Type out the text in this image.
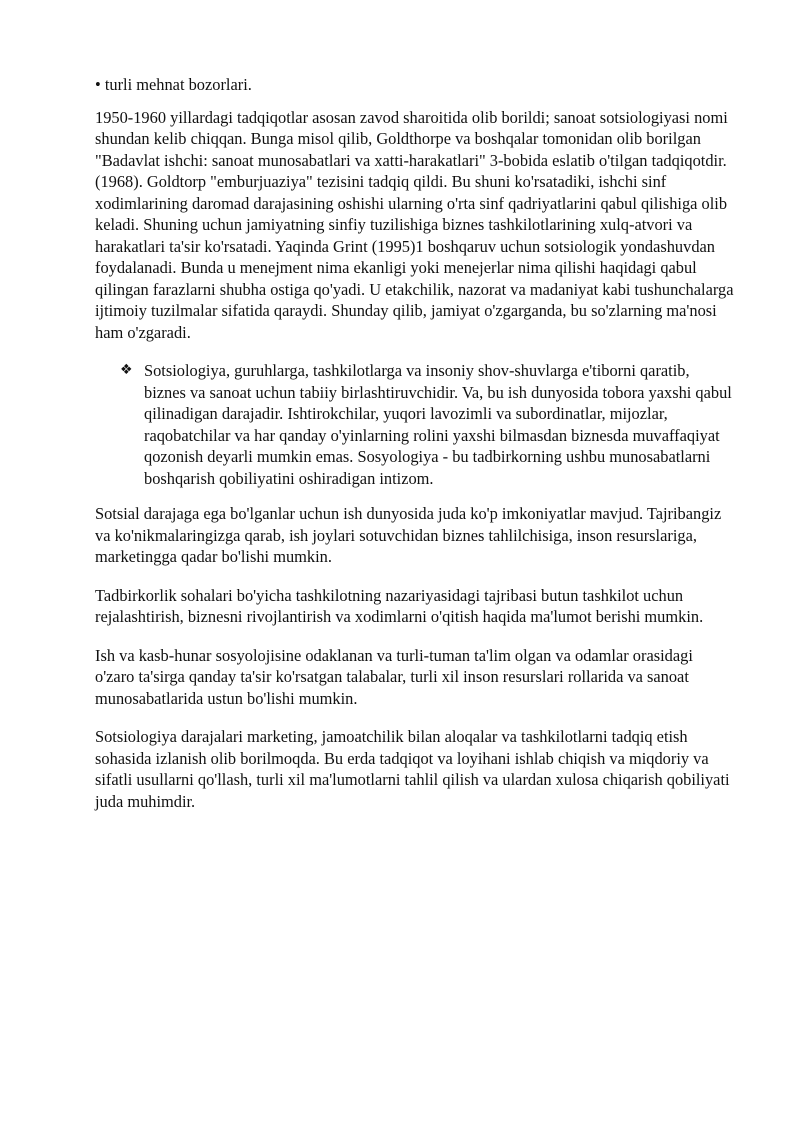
• turli mehnat bozorlari.

1950-1960 yillardagi tadqiqotlar asosan zavod sharoitida olib borildi; sanoat sotsiologiyasi nomi shundan kelib chiqqan. Bunga misol qilib, Goldthorpe va boshqalar tomonidan olib borilgan "Badavlat ishchi: sanoat munosabatlari va xatti-harakatlari" 3-bobida eslatib o'tilgan tadqiqotdir. (1968). Goldtorp "emburjuaziya" tezisini tadqiq qildi. Bu shuni ko'rsatadiki, ishchi sinf xodimlarining daromad darajasining oshishi ularning o'rta sinf qadriyatlarini qabul qilishiga olib keladi. Shuning uchun jamiyatning sinfiy tuzilishiga biznes tashkilotlarining xulq-atvori va harakatlari ta'sir ko'rsatadi. Yaqinda Grint (1995)1 boshqaruv uchun sotsiologik yondashuvdan foydalanadi. Bunda u menejment nima ekanligi yoki menejerlar nima qilishi haqidagi qabul qilingan farazlarni shubha ostiga qo'yadi. U etakchilik, nazorat va madaniyat kabi tushunchalarga ijtimoiy tuzilmalar sifatida qaraydi. Shunday qilib, jamiyat o'zgarganda, bu so'zlarning ma'nosi ham o'zgaradi.

❖ Sotsiologiya, guruhlarga, tashkilotlarga va insoniy shov-shuvlarga e'tiborni qaratib, biznes va sanoat uchun tabiiy birlashtiruvchidir. Va, bu ish dunyosida tobora yaxshi qabul qilinadigan darajadir. Ishtirokchilar, yuqori lavozimli va subordinatlar, mijozlar, raqobatchilar va har qanday o'yinlarning rolini yaxshi bilmasdan biznesda muvaffaqiyat qozonish deyarli mumkin emas. Sosyologiya - bu tadbirkorning ushbu munosabatlarni boshqarish qobiliyatini oshiradigan intizom.

Sotsial darajaga ega bo'lganlar uchun ish dunyosida juda ko'p imkoniyatlar mavjud. Tajribangiz va ko'nikmalaringizga qarab, ish joylari sotuvchidan biznes tahlilchisiga, inson resurslariga, marketingga qadar bo'lishi mumkin.

Tadbirkorlik sohalari bo'yicha tashkilotning nazariyasidagi tajribasi butun tashkilot uchun rejalashtirish, biznesni rivojlantirish va xodimlarni o'qitish haqida ma'lumot berishi mumkin.

Ish va kasb-hunar sosyolojisine odaklanan va turli-tuman ta'lim olgan va odamlar orasidagi o'zaro ta'sirga qanday ta'sir ko'rsatgan talabalar, turli xil inson resurslari rollarida va sanoat munosabatlarida ustun bo'lishi mumkin.

Sotsiologiya darajalari marketing, jamoatchilik bilan aloqalar va tashkilotlarni tadqiq etish sohasida izlanish olib borilmoqda. Bu erda tadqiqot va loyihani ishlab chiqish va miqdoriy va sifatli usullarni qo'llash, turli xil ma'lumotlarni tahlil qilish va ulardan xulosa chiqarish qobiliyati juda muhimdir.
